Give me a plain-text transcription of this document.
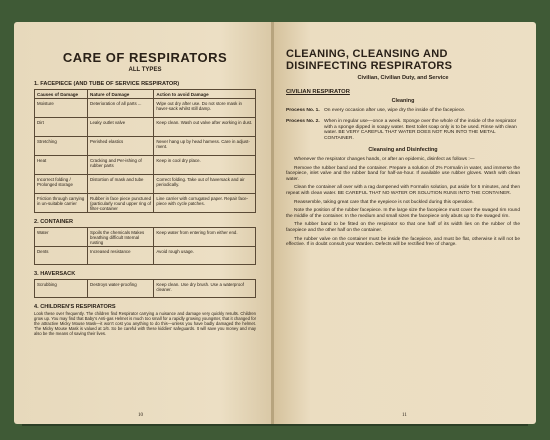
CARE OF RESPIRATORS
ALL TYPES
1. FACEPIECE (AND TUBE OF SERVICE RESPIRATOR)
Causes of Damage	Nature of Damage	Action to avoid Damage
Moisture	Deterioration of all parts ...	Wipe out dry after use. Do not store mask in haver-sack whilst still damp.
Dirt	Leaky outlet valve	Keep clean. Wash out valve after working in dust.
Stretching	Perished elastics	Never hang up by head harness. Care in adjust-ment.
Heat	Cracking and Per-ishing of rubber parts	Keep in cool dry place.
Incorrect folding / Prolonged storage	Distortion of mask and tube	Correct folding. Take out of haversack and air periodically.
Friction through carrying in un-suitable carrier	Rubber in face piece punctured (particularly round upper ring of filter-container	Line carrier with corrugated paper. Repair face-piece with cycle patches.
2. CONTAINER
Water	Spoils the chemicals Makes breathing difficult Internal rusting	Keep water from entering from either end.
Dents	Increased resistance	Avoid rough usage.
3. HAVERSACK
Scrubbing	Destroys water-proofing	Keep clean. Use dry brush. Use a waterproof cleaner.
4. CHILDREN'S RESPIRATORS
Look these over frequently. The children find Respirator carrying a nuisance and damage very quickly results. Children grow up. You may find that Baby's Anti-gas Helmet is much too small for a rapidly growing youngster, that it changed for the attractive Micky Mouse Mask—it won't cost you anything to do this—unless you have badly damaged the helmet. The Micky Mouse Mask is valued at 1/6. So be careful with these kiddies' safeguards. It will save you money and may also be the means of saving their lives.
10
CLEANING, CLEANSING AND DISINFECTING RESPIRATORS
Civilian, Civilian Duty, and Service
CIVILIAN RESPIRATOR
Cleaning
Process No. 1. On every occasion after use, wipe dry the inside of the facepiece.
Process No. 2. When in regular use—once a week. Sponge over the whole of the inside of the respirator with a sponge dipped in soapy water. Best toilet soap only is to be used. Rinse with clean water. BE VERY CAREFUL THAT WATER DOES NOT RUN INTO THE METAL CONTAINER.
Cleansing and Disinfecting

Whenever the respirator changes hands, or after an epidemic, disinfect as follows :—

Remove the rubber band and the container. Prepare a solution of 2% Formalin in water, and immerse the facepiece, inlet valve and the rubber band for half-an-hour. If available use rubber gloves. Wash with clean water.

Clean the container all over with a rag dampened with Formalin solution, put aside for 5 minutes, and then repeat with clean water. BE CAREFUL THAT NO WATER OR SOLUTION RUNS INTO THE CONTAINER.

Reassemble, taking great care that the eyepiece is not buckled during this operation.

Note the position of the rubber facepiece. In the large size the facepiece must cover the swaged rim round the middle of the container. In the medium and small sizes the facepiece only abuts up to the swaged rim.

The rubber band to be fitted on the respirator so that one half of its width lies on the rubber of the facepiece and the other half on the container.

The rubber valve on the container must be inside the facepiece, and must be flat, otherwise it will not be effective. If in doubt consult your Warden. Defects will be rectified free of charge.

11
